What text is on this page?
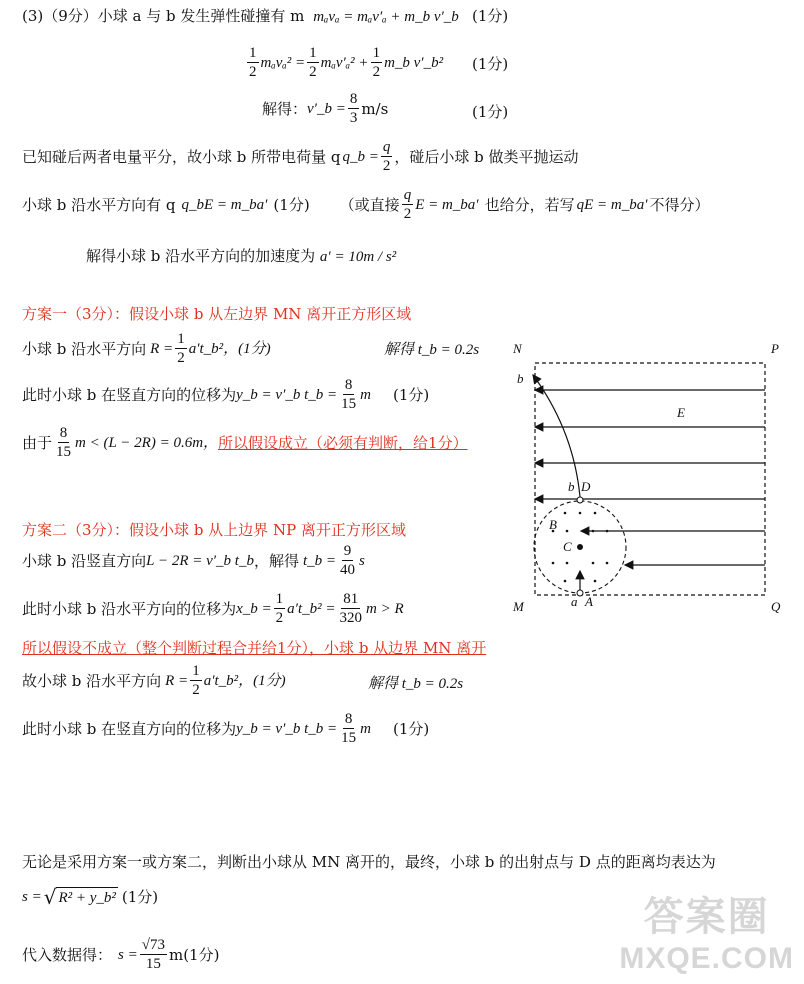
(3)（9分）小球 a 与 b 发生弹性碰撞有 m mₐvₐ = mₐv′ₐ + m_b v′_b (1分)
$\frac{1}{2} m_av_a^2 = \frac{1}{2} m_av'_a^2 + \frac{1}{2}$ m_b v′_b² (1分)
解得： v′_b = $\frac{8}{3} m/s$	(1分)
已知碰后两者电量平分，故小球 b 所带电荷量 q q_b = $\frac{q}{2}$ ，碰后小球 b 做类平抛运动
小球 b 沿水平方向有 q q_bE = m_ba′ (1分) （或直接 $\frac{q}{2}$ E = m_ba′ 也给分，若写 qE = m_ba′ 不得分）
解得小球 b 沿水平方向的加速度为 a′ = 10m / s²
方案一（3分）：假设小球 b 从左边界 MN 离开正方形区域
小球 b 沿水平方向 $R = \frac{1}{2}$ a′t_b²，(1分)	解得 t_b = 0.2s
此时小球 b 在竖直方向的位移为 y_b = v′_b t_b = $\frac{8}{15}$ m (1分)
由于 $\frac{8}{15}$ m < (L − 2R) = 0.6m， 所以假设成立（必须有判断，给1分）
方案二（3分）：假设小球 b 从上边界 NP 离开正方形区域
小球 b 沿竖直方向 L − 2R = v′_b t_b ，解得 t_b = $\frac{9}{40}$ s
此时小球 b 沿水平方向的位移为 x_b = $\frac{1}{2}$ a′t_b² = $\frac{81}{320}$ m > R
所以假设不成立（整个判断过程合并给1分），小球 b 从边界 MN 离开
故小球 b 沿水平方向 $R = \frac{1}{2}$ a′t_b²，(1分)	解得 t_b = 0.2s
此时小球 b 在竖直方向的位移为 y_b = v′_b t_b = $\frac{8}{15}$ m (1分)
无论是采用方案一或方案二，判断出小球从 MN 离开的，最终，小球 b 的出射点与 D 点的距离均表达为
s = √ R² + y_b² (1分)
代入数据得： $s = \frac{√73}{15}$ m (1分)
N	P
M	Q
b
E
b D
B
C
a A
答案圈
MXQE.COM
